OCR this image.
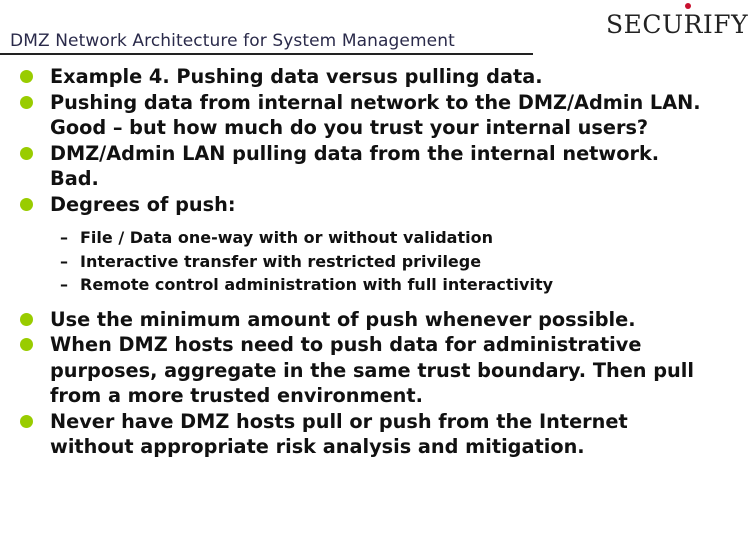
DMZ Network Architecture for System Management
SECURIFY
Example 4. Pushing data versus pulling data.
Pushing data from internal network to the DMZ/Admin LAN. Good – but how much do you trust your internal users?
DMZ/Admin LAN pulling data from the internal network. Bad.
Degrees of push:
– File / Data one-way with or without validation
– Interactive transfer with restricted privilege
– Remote control administration with full interactivity
Use the minimum amount of push whenever possible.
When DMZ hosts need to push data for administrative purposes, aggregate in the same trust boundary. Then pull from a more trusted environment.
Never have DMZ hosts pull or push from the Internet without appropriate risk analysis and mitigation.
